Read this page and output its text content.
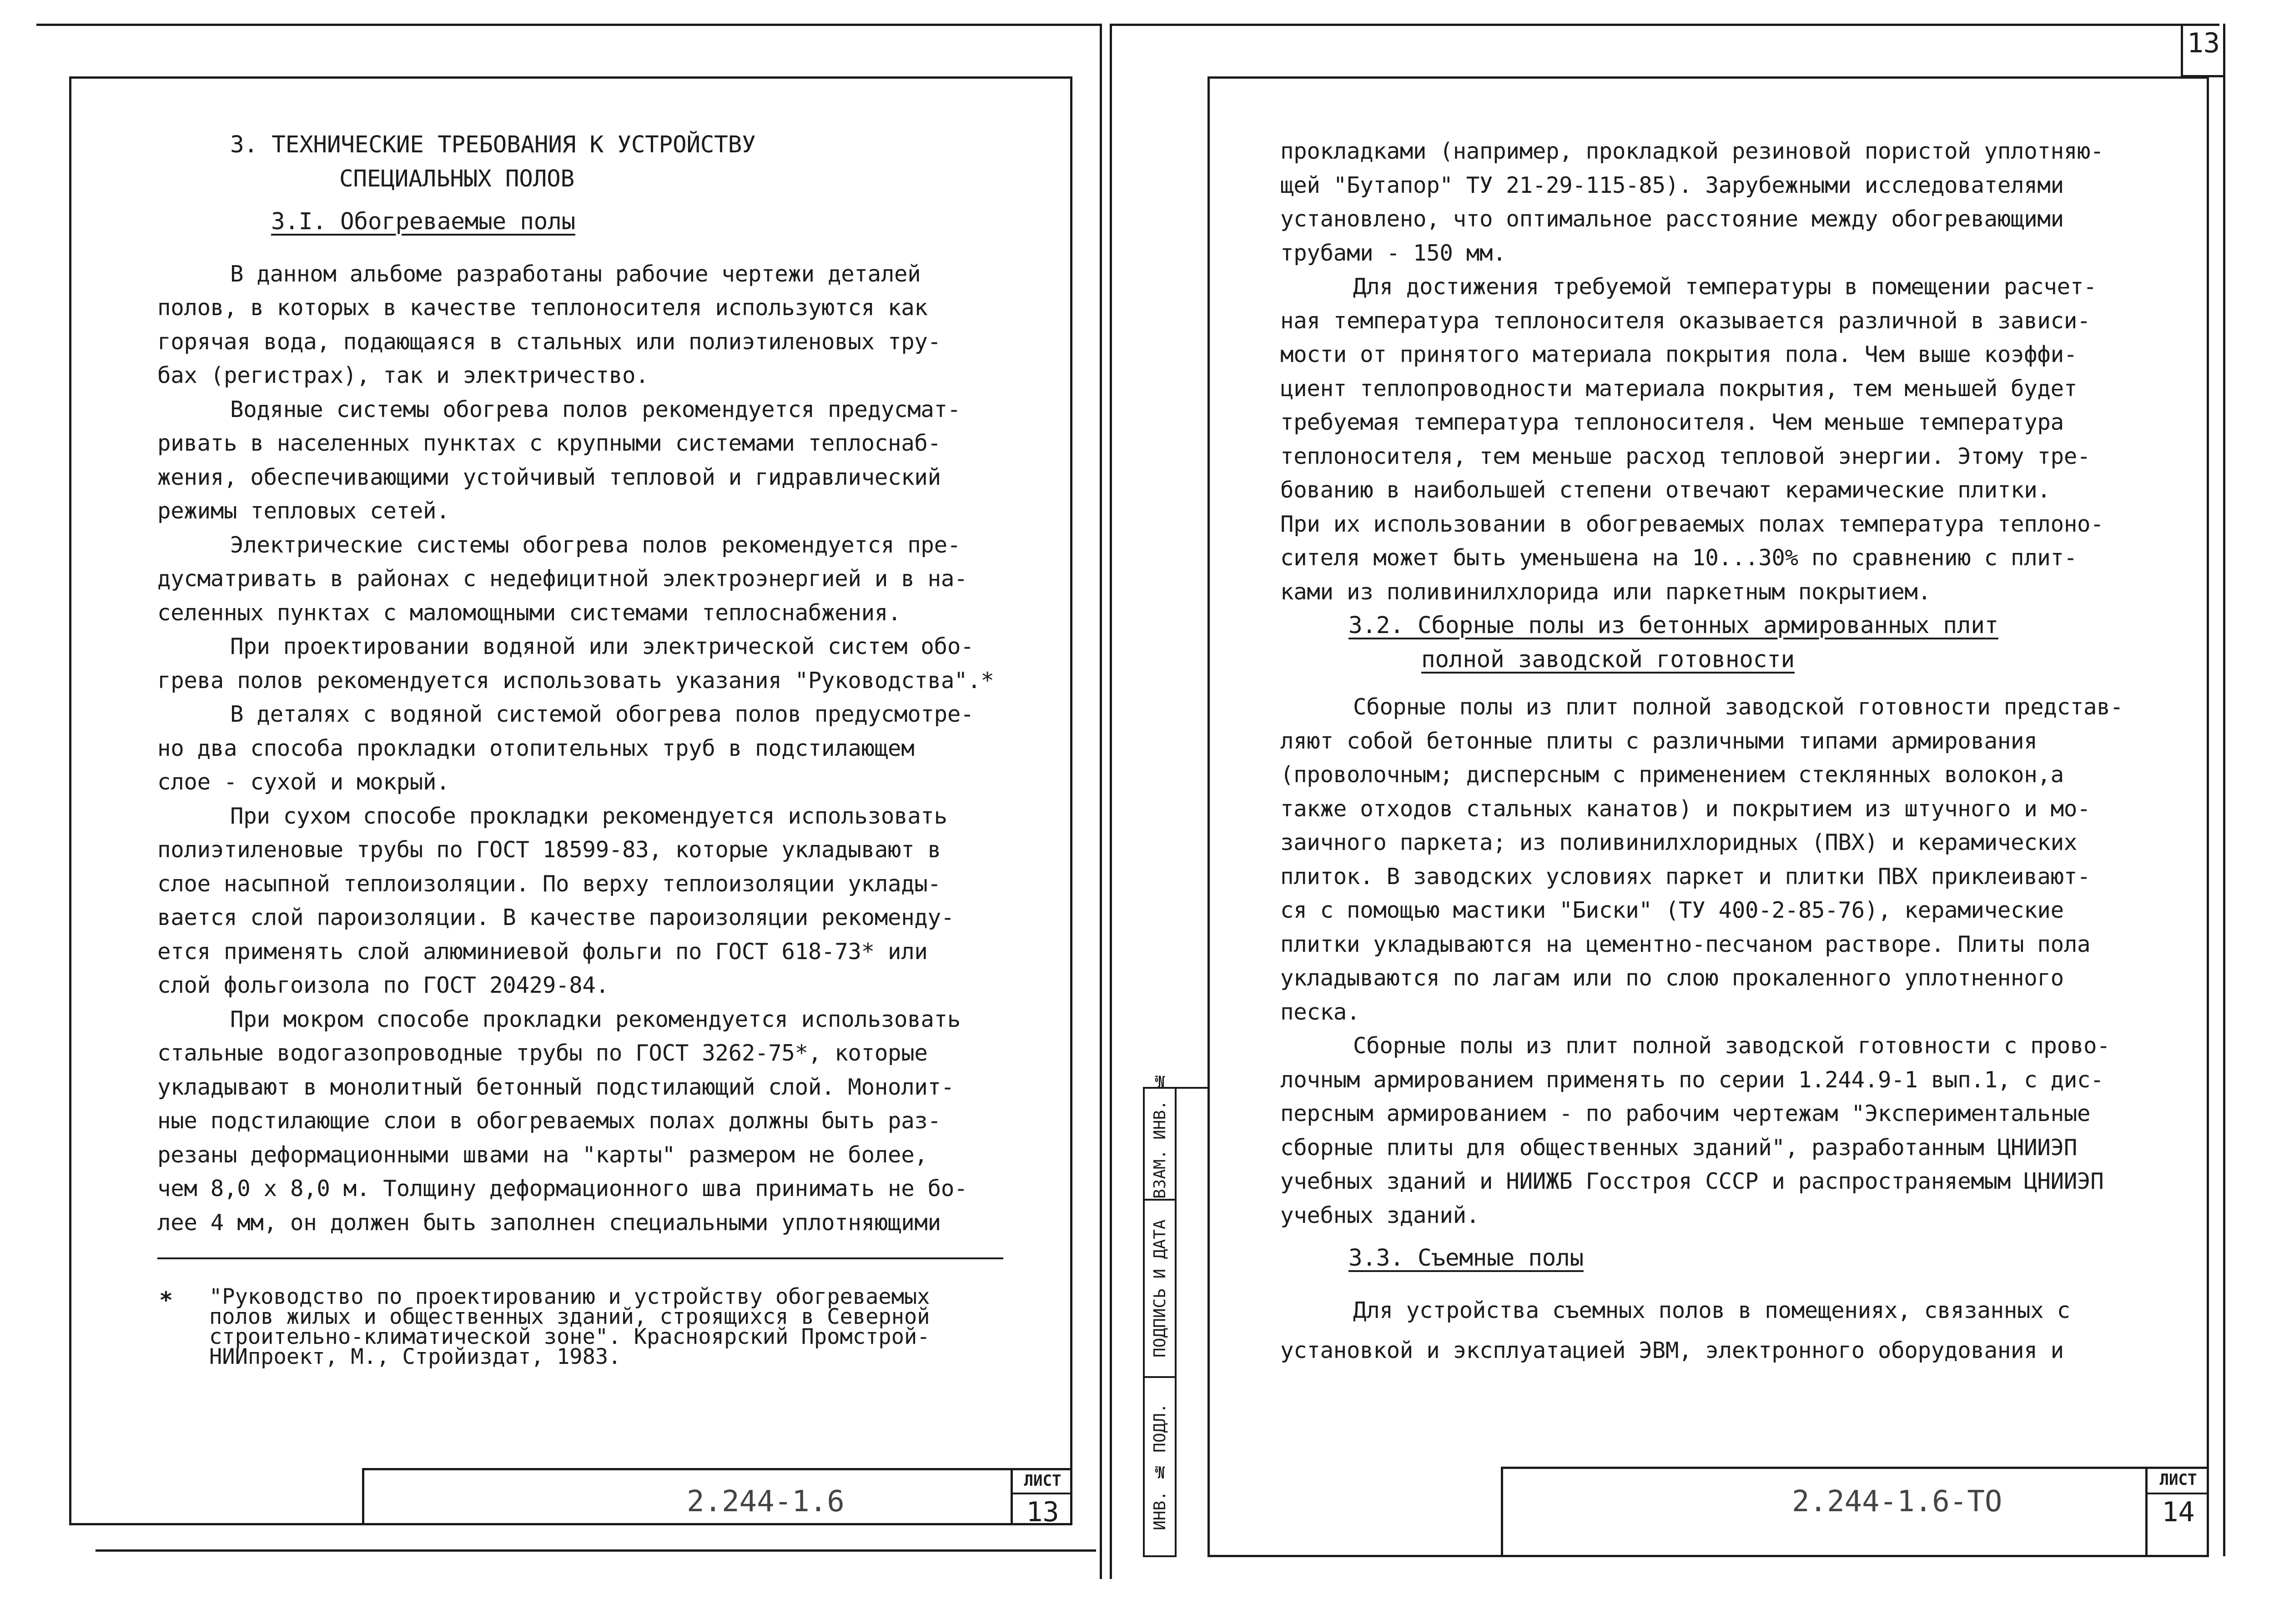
13

3. ТЕХНИЧЕСКИЕ ТРЕБОВАНИЯ К УСТРОЙСТВУ

СПЕЦИАЛЬНЫХ ПОЛОВ

3.I. Обогреваемые полы

В данном альбоме разработаны рабочие чертежи деталей

полов, в которых в качестве теплоносителя используются как

горячая вода, подающаяся в стальных или полиэтиленовых тру-

бах (регистрах), так и электричество.

Водяные системы обогрева полов рекомендуется предусмат-

ривать в населенных пунктах с крупными системами теплоснаб-

жения, обеспечивающими устойчивый тепловой и гидравлический

режимы тепловых сетей.

Электрические системы обогрева полов рекомендуется пре-

дусматривать в районах с недефицитной электроэнергией и в на-

селенных пунктах с маломощными системами теплоснабжения.

При проектировании водяной или электрической систем обо-

грева полов рекомендуется использовать указания "Руководства".*

В деталях с водяной системой обогрева полов предусмотре-

но два способа прокладки отопительных труб в подстилающем

слое - сухой и мокрый.

При сухом способе прокладки рекомендуется использовать

полиэтиленовые трубы по ГОСТ 18599-83, которые укладывают в

слое насыпной теплоизоляции. По верху теплоизоляции уклады-

вается слой пароизоляции. В качестве пароизоляции рекоменду-

ется применять слой алюминиевой фольги по ГОСТ 618-73* или

слой фольгоизола по ГОСТ 20429-84.

При мокром способе прокладки рекомендуется использовать

стальные водогазопроводные трубы по ГОСТ 3262-75*, которые

укладывают в монолитный бетонный подстилающий слой. Монолит-

ные подстилающие слои в обогреваемых полах должны быть раз-

резаны деформационными швами на "карты" размером не более,

чем 8,0 х 8,0 м. Толщину деформационного шва принимать не бо-

лее 4 мм, он должен быть заполнен специальными уплотняющими

* "Руководство по проектированию и устройству обогреваемых

полов жилых и общественных зданий, строящихся в Северной

строительно-климатической зоне". Красноярский Промстрой-

НИИпроект, М., Стройиздат, 1983.

2.244-1.6
ЛИСТ
13

прокладками (например, прокладкой резиновой пористой уплотняю-

щей "Бутапор" ТУ 21-29-115-85). Зарубежными исследователями

установлено, что оптимальное расстояние между обогревающими

трубами - 150 мм.

Для достижения требуемой температуры в помещении расчет-

ная температура теплоносителя оказывается различной в зависи-

мости от принятого материала покрытия пола. Чем выше коэффи-

циент теплопроводности материала покрытия, тем меньшей будет

требуемая температура теплоносителя. Чем меньше температура

теплоносителя, тем меньше расход тепловой энергии. Этому тре-

бованию в наибольшей степени отвечают керамические плитки.

При их использовании в обогреваемых полах температура теплоно-

сителя может быть уменьшена на 10...30% по сравнению с плит-

ками из поливинилхлорида или паркетным покрытием.

3.2. Сборные полы из бетонных армированных плит

полной заводской готовности

Сборные полы из плит полной заводской готовности представ-

ляют собой бетонные плиты с различными типами армирования

(проволочным; дисперсным с применением стеклянных волокон,а

также отходов стальных канатов) и покрытием из штучного и мо-

заичного паркета; из поливинилхлоридных (ПВХ) и керамических

плиток. В заводских условиях паркет и плитки ПВХ приклеивают-

ся с помощью мастики "Биски" (ТУ 400-2-85-76), керамические

плитки укладываются на цементно-песчаном растворе. Плиты пола

укладываются по лагам или по слою прокаленного уплотненного

песка.

Сборные полы из плит полной заводской готовности с прово-

лочным армированием применять по серии 1.244.9-1 вып.1, с дис-

персным армированием - по рабочим чертежам "Экспериментальные

сборные плиты для общественных зданий", разработанным ЦНИИЭП

учебных зданий и НИИЖБ Госстроя СССР и распространяемым ЦНИИЭП

учебных зданий.

3.3. Съемные полы

Для устройства съемных полов в помещениях, связанных с

установкой и эксплуатацией ЭВМ, электронного оборудования и

ИНВ. № ПОДЛ.
ПОДПИСЬ И ДАТА
ВЗАМ. ИНВ. №
2.244-1.6-ТО
ЛИСТ
14
